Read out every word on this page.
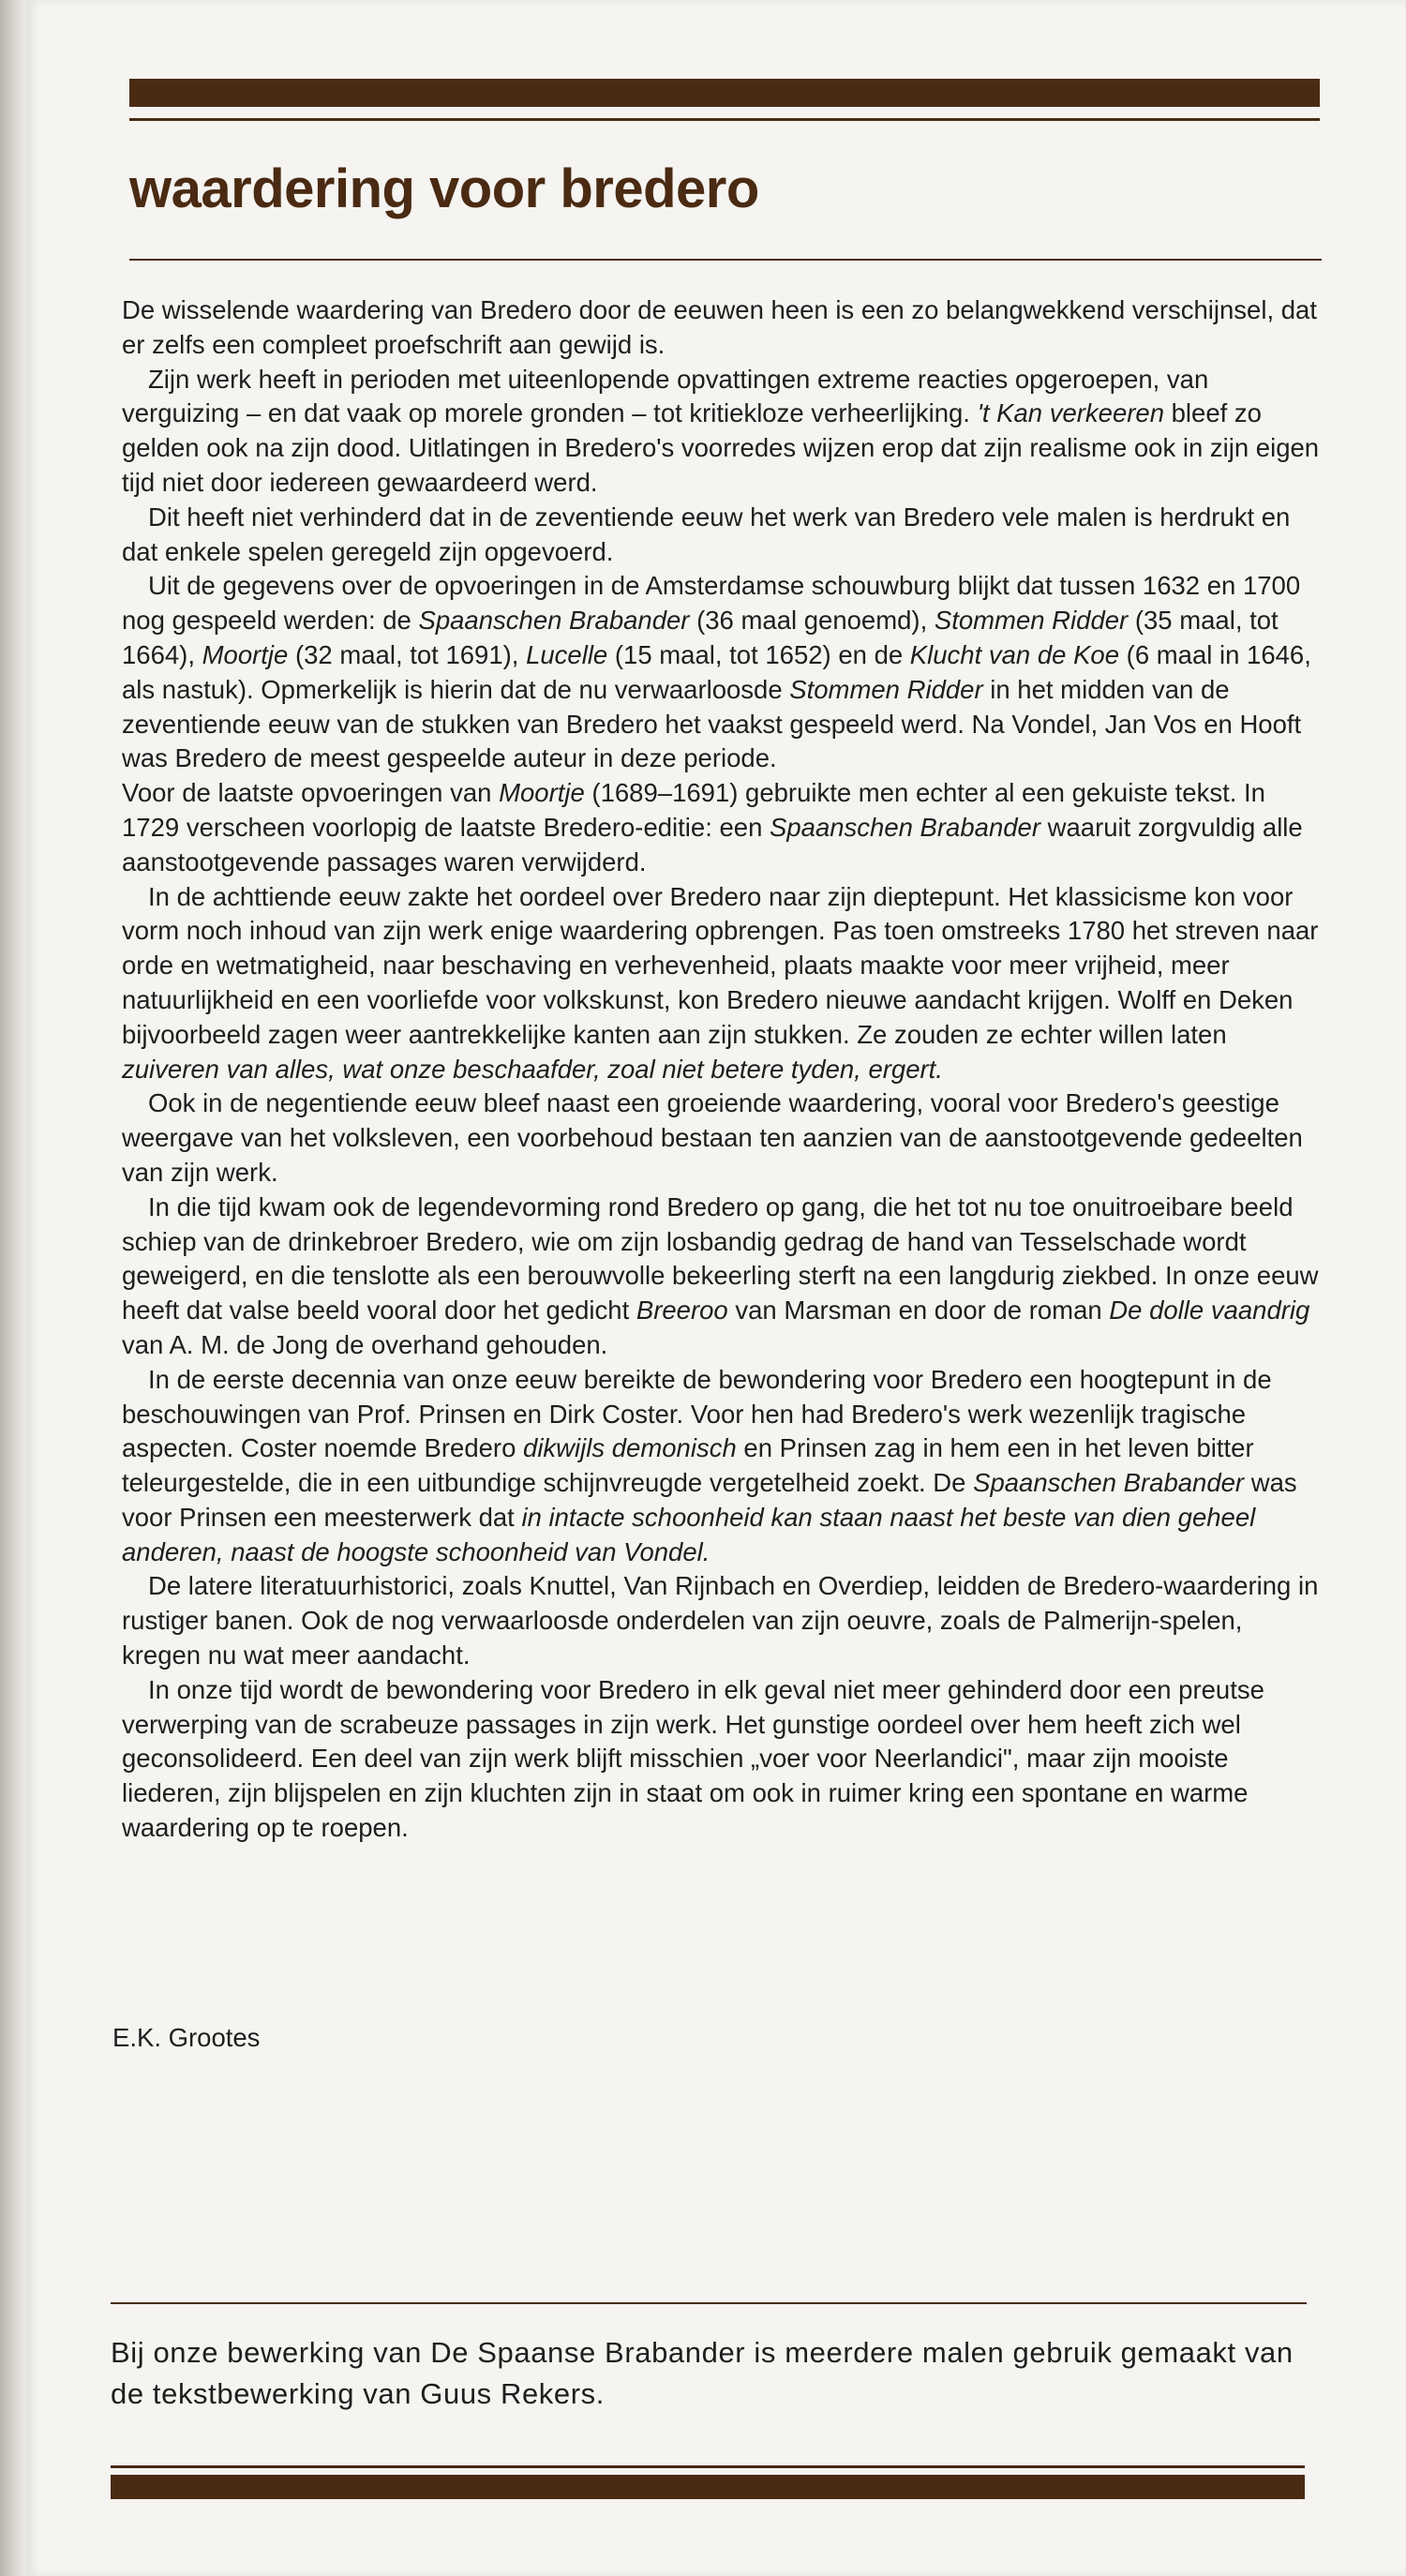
waardering voor bredero

De wisselende waardering van Bredero door de eeuwen heen is een zo belangwekkend verschijnsel, dat er zelfs een compleet proefschrift aan gewijd is.

Zijn werk heeft in perioden met uiteenlopende opvattingen extreme reacties opgeroepen, van verguizing – en dat vaak op morele gronden – tot kritiekloze verheerlijking. 't Kan verkeeren bleef zo gelden ook na zijn dood. Uitlatingen in Bredero's voorredes wijzen erop dat zijn realisme ook in zijn eigen tijd niet door iedereen gewaardeerd werd.

Dit heeft niet verhinderd dat in de zeventiende eeuw het werk van Bredero vele malen is herdrukt en dat enkele spelen geregeld zijn opgevoerd.

Uit de gegevens over de opvoeringen in de Amsterdamse schouwburg blijkt dat tussen 1632 en 1700 nog gespeeld werden: de Spaanschen Brabander (36 maal genoemd), Stommen Ridder (35 maal, tot 1664), Moortje (32 maal, tot 1691), Lucelle (15 maal, tot 1652) en de Klucht van de Koe (6 maal in 1646, als nastuk). Opmerkelijk is hierin dat de nu verwaarloosde Stommen Ridder in het midden van de zeventiende eeuw van de stukken van Bredero het vaakst gespeeld werd. Na Vondel, Jan Vos en Hooft was Bredero de meest gespeelde auteur in deze periode.

Voor de laatste opvoeringen van Moortje (1689–1691) gebruikte men echter al een gekuiste tekst. In 1729 verscheen voorlopig de laatste Bredero-editie: een Spaanschen Brabander waaruit zorgvuldig alle aanstootgevende passages waren verwijderd.

In de achttiende eeuw zakte het oordeel over Bredero naar zijn dieptepunt. Het klassicisme kon voor vorm noch inhoud van zijn werk enige waardering opbrengen. Pas toen omstreeks 1780 het streven naar orde en wetmatigheid, naar beschaving en verhevenheid, plaats maakte voor meer vrijheid, meer natuurlijkheid en een voorliefde voor volkskunst, kon Bredero nieuwe aandacht krijgen. Wolff en Deken bijvoorbeeld zagen weer aantrekkelijke kanten aan zijn stukken. Ze zouden ze echter willen laten zuiveren van alles, wat onze beschaafder, zoal niet betere tyden, ergert.

Ook in de negentiende eeuw bleef naast een groeiende waardering, vooral voor Bredero's geestige weergave van het volksleven, een voorbehoud bestaan ten aanzien van de aanstootgevende gedeelten van zijn werk.

In die tijd kwam ook de legendevorming rond Bredero op gang, die het tot nu toe onuitroeibare beeld schiep van de drinkebroer Bredero, wie om zijn losbandig gedrag de hand van Tesselschade wordt geweigerd, en die tenslotte als een berouwvolle bekeerling sterft na een langdurig ziekbed. In onze eeuw heeft dat valse beeld vooral door het gedicht Breeroo van Marsman en door de roman De dolle vaandrig van A. M. de Jong de overhand gehouden.

In de eerste decennia van onze eeuw bereikte de bewondering voor Bredero een hoogtepunt in de beschouwingen van Prof. Prinsen en Dirk Coster. Voor hen had Bredero's werk wezenlijk tragische aspecten. Coster noemde Bredero dikwijls demonisch en Prinsen zag in hem een in het leven bitter teleurgestelde, die in een uitbundige schijnvreugde vergetelheid zoekt. De Spaanschen Brabander was voor Prinsen een meesterwerk dat in intacte schoonheid kan staan naast het beste van dien geheel anderen, naast de hoogste schoonheid van Vondel.

De latere literatuurhistorici, zoals Knuttel, Van Rijnbach en Overdiep, leidden de Bredero-waardering in rustiger banen. Ook de nog verwaarloosde onderdelen van zijn oeuvre, zoals de Palmerijn-spelen, kregen nu wat meer aandacht.

In onze tijd wordt de bewondering voor Bredero in elk geval niet meer gehinderd door een preutse verwerping van de scrabeuze passages in zijn werk. Het gunstige oordeel over hem heeft zich wel geconsolideerd. Een deel van zijn werk blijft misschien „voer voor Neerlandici", maar zijn mooiste liederen, zijn blijspelen en zijn kluchten zijn in staat om ook in ruimer kring een spontane en warme waardering op te roepen.

E.K. Grootes
Bij onze bewerking van De Spaanse Brabander is meerdere malen gebruik gemaakt van de tekstbewerking van Guus Rekers.
